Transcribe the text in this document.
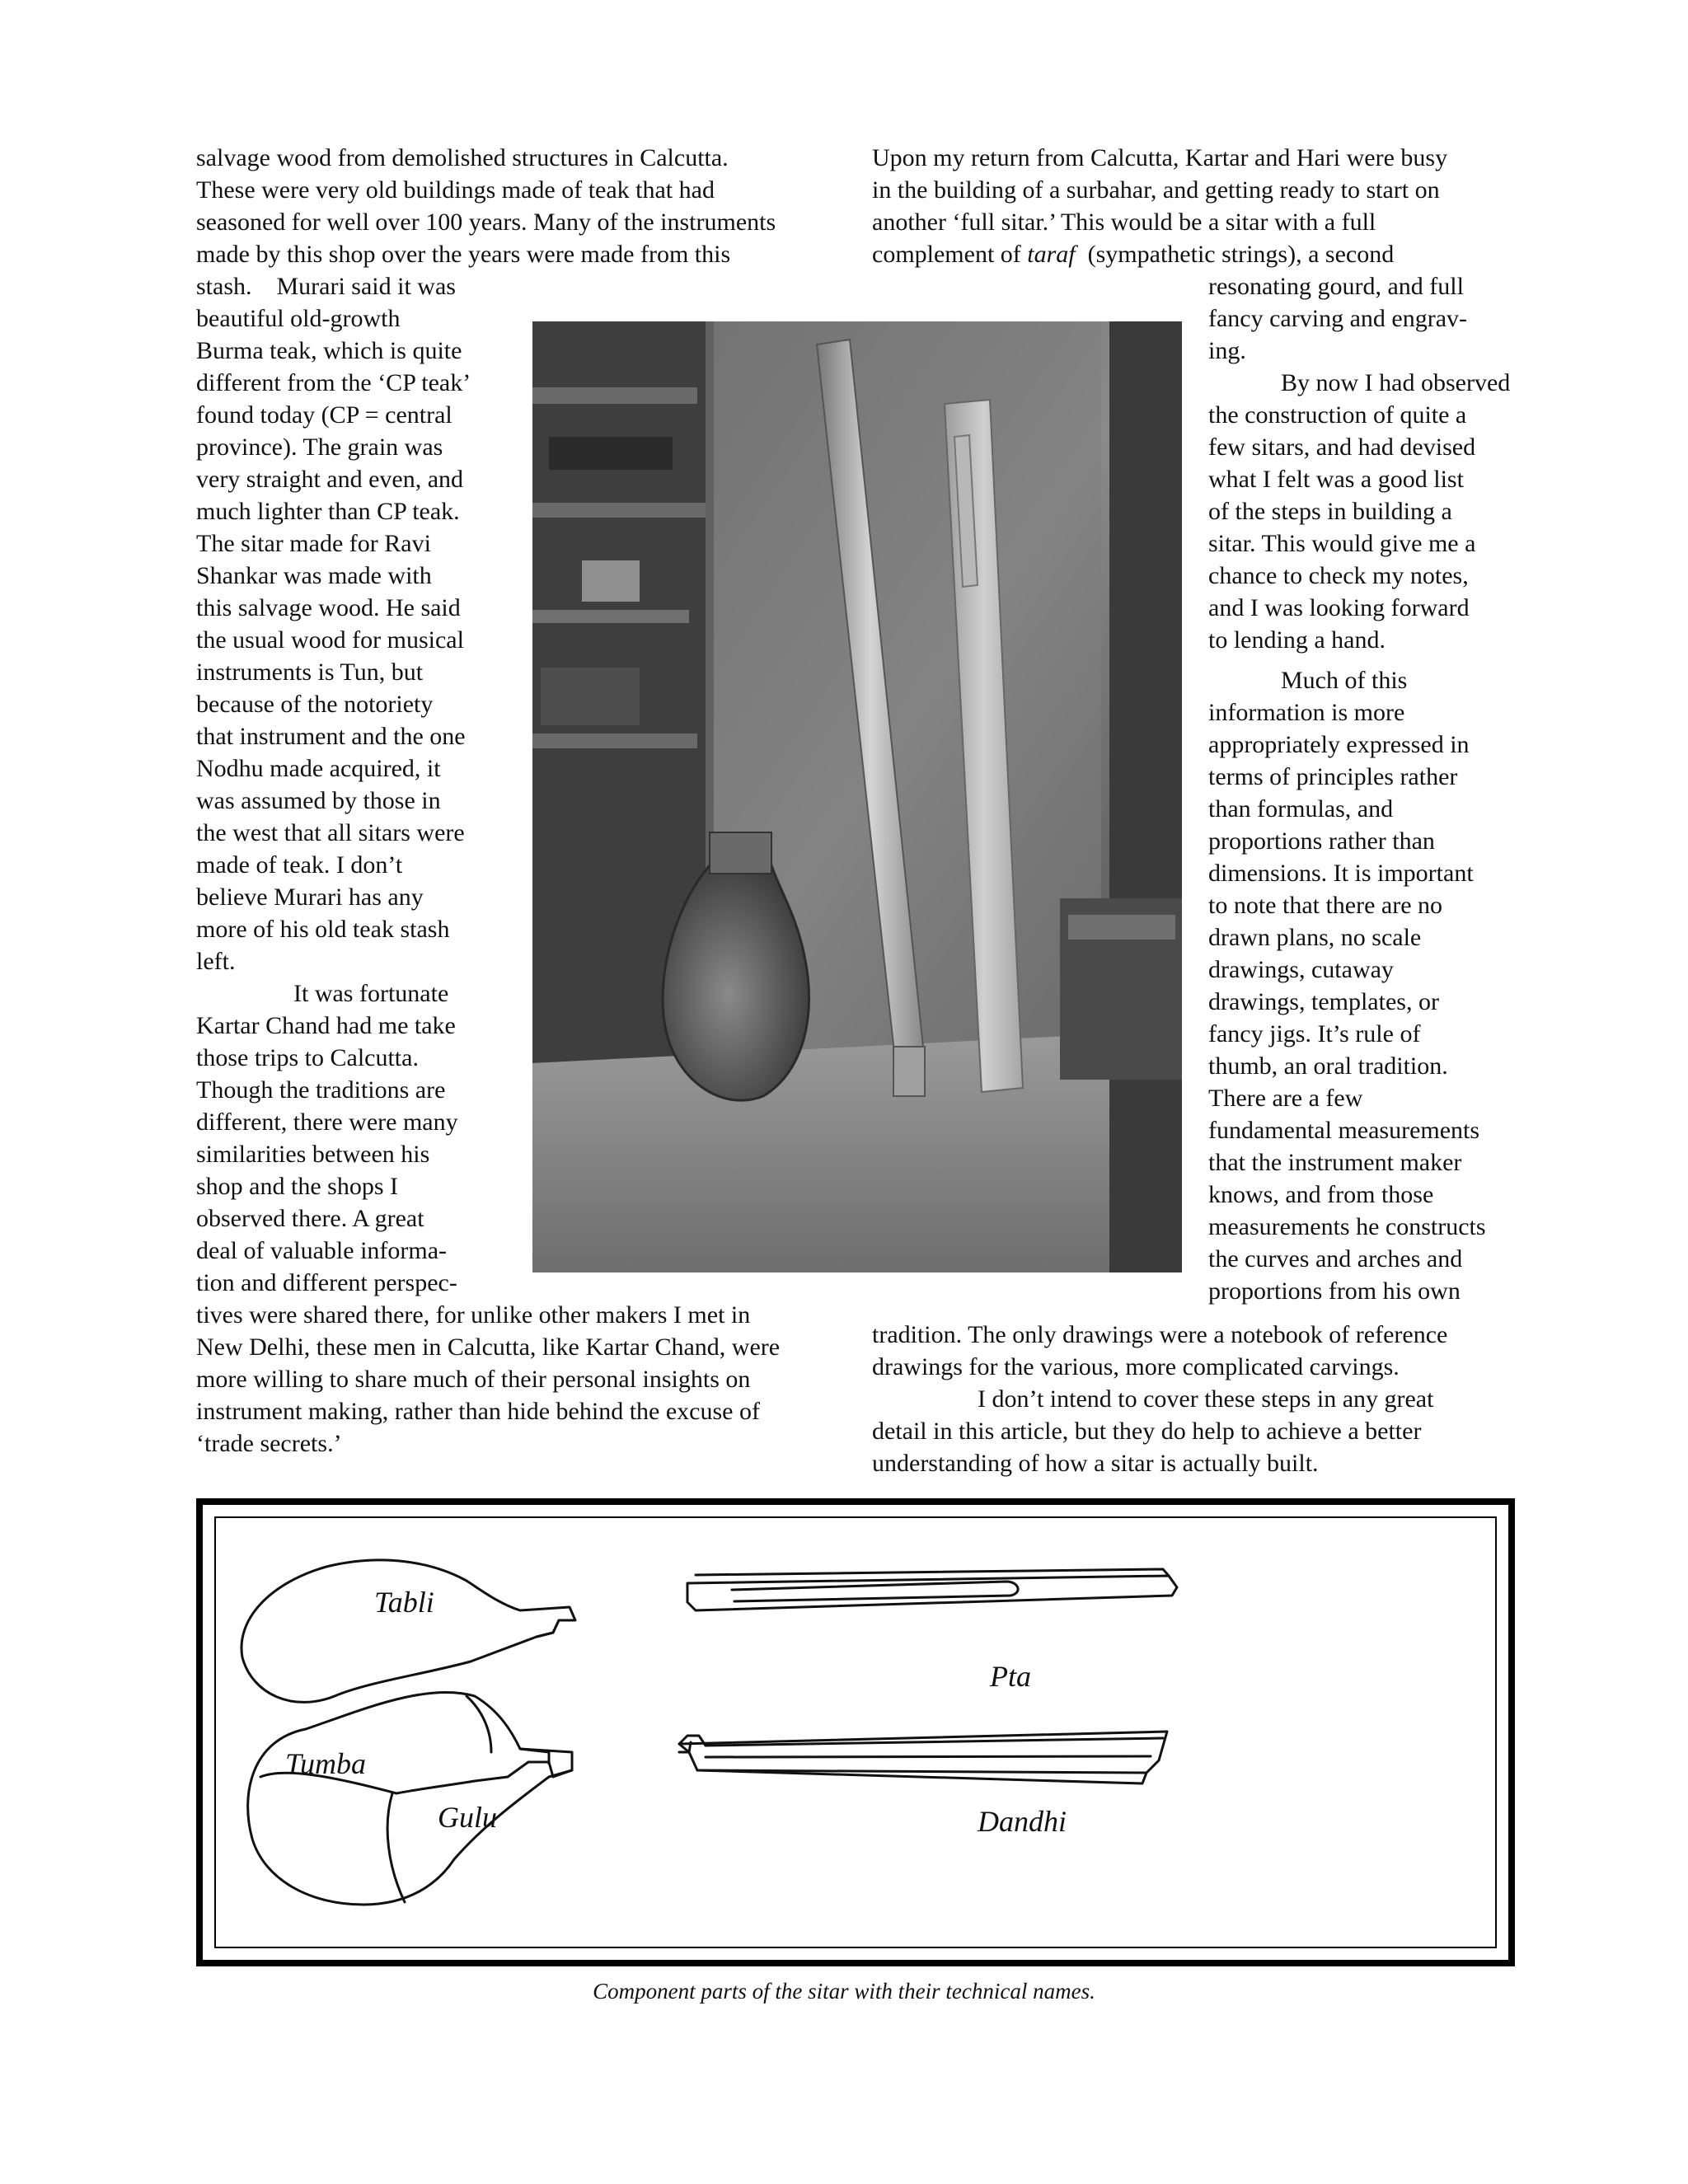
salvage wood from demolished structures in Calcutta.
These were very old buildings made of teak that had
seasoned for well over 100 years. Many of the instruments
made by this shop over the years were made from this
stash.    Murari said it was
beautiful old-growth
Burma teak, which is quite
different from the ‘CP teak’
found today (CP = central
province). The grain was
very straight and even, and
much lighter than CP teak.
The sitar made for Ravi
Shankar was made with
this salvage wood. He said
the usual wood for musical
instruments is Tun, but
because of the notoriety
that instrument and the one
Nodhu made acquired, it
was assumed by those in
the west that all sitars were
made of teak. I don’t
believe Murari has any
more of his old teak stash
left.
It was fortunate
Kartar Chand had me take
those trips to Calcutta.
Though the traditions are
different, there were many
similarities between his
shop and the shops I
observed there. A great
deal of valuable informa-
tion and different perspec-
tives were shared there, for unlike other makers I met in
New Delhi, these men in Calcutta, like Kartar Chand, were
more willing to share much of their personal insights on
instrument making, rather than hide behind the excuse of
‘trade secrets.’
Upon my return from Calcutta, Kartar and Hari were busy
in the building of a surbahar, and getting ready to start on
another ‘full sitar.’ This would be a sitar with a full
complement of taraf  (sympathetic strings), a second
resonating gourd, and full
fancy carving and engrav-
ing.
By now I had observed
the construction of quite a
few sitars, and had devised
what I felt was a good list
of the steps in building a
sitar. This would give me a
chance to check my notes,
and I was looking forward
to lending a hand.
Much of this
information is more
appropriately expressed in
terms of principles rather
than formulas, and
proportions rather than
dimensions. It is important
to note that there are no
drawn plans, no scale
drawings, cutaway
drawings, templates, or
fancy jigs. It’s rule of
thumb, an oral tradition.
There are a few
fundamental measurements
that the instrument maker
knows, and from those
measurements he constructs
the curves and arches and
proportions from his own
tradition. The only drawings were a notebook of reference
drawings for the various, more complicated carvings.
I don’t intend to cover these steps in any great
detail in this article, but they do help to achieve a better
understanding of how a sitar is actually built.
Tabli
Tumba
Gulu
Pta
Dandhi
Component parts of the sitar with their technical names.
